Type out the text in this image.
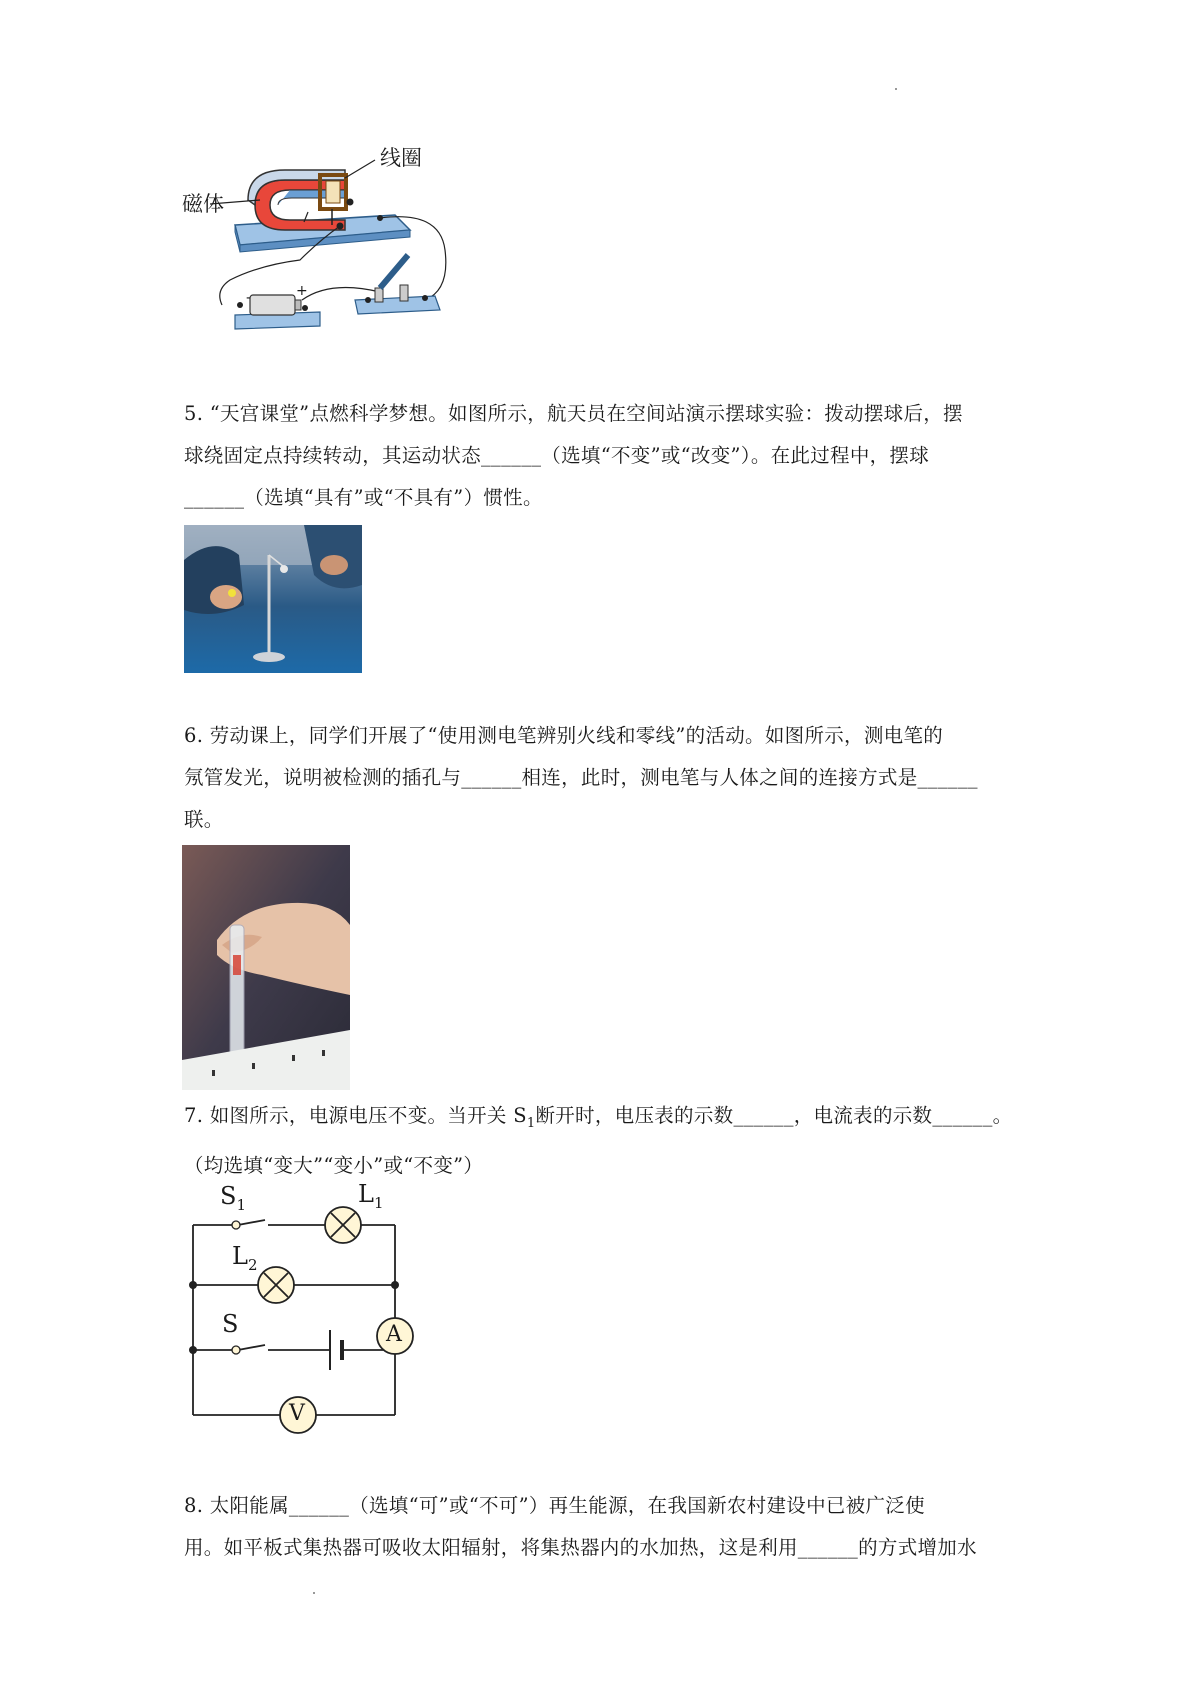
磁体
线圈
-	+
5. “天宫课堂”点燃科学梦想。如图所示，航天员在空间站演示摆球实验：拨动摆球后，摆
球绕固定点持续转动，其运动状态______（选填“不变”或“改变”）。在此过程中，摆球
______（选填“具有”或“不具有”）惯性。
6. 劳动课上，同学们开展了“使用测电笔辨别火线和零线”的活动。如图所示，测电笔的
氖管发光，说明被检测的插孔与______相连，此时，测电笔与人体之间的连接方式是______
联。
7. 如图所示，电源电压不变。当开关 $S_1$断开时，电压表的示数______，电流表的示数______。
（均选填“变大”“变小”或“不变”）
$S_1$	$L_1$
$L_2$
S	A
V
8. 太阳能属______（选填“可”或“不可”）再生能源，在我国新农村建设中已被广泛使
用。如平板式集热器可吸收太阳辐射，将集热器内的水加热，这是利用______的方式增加水
